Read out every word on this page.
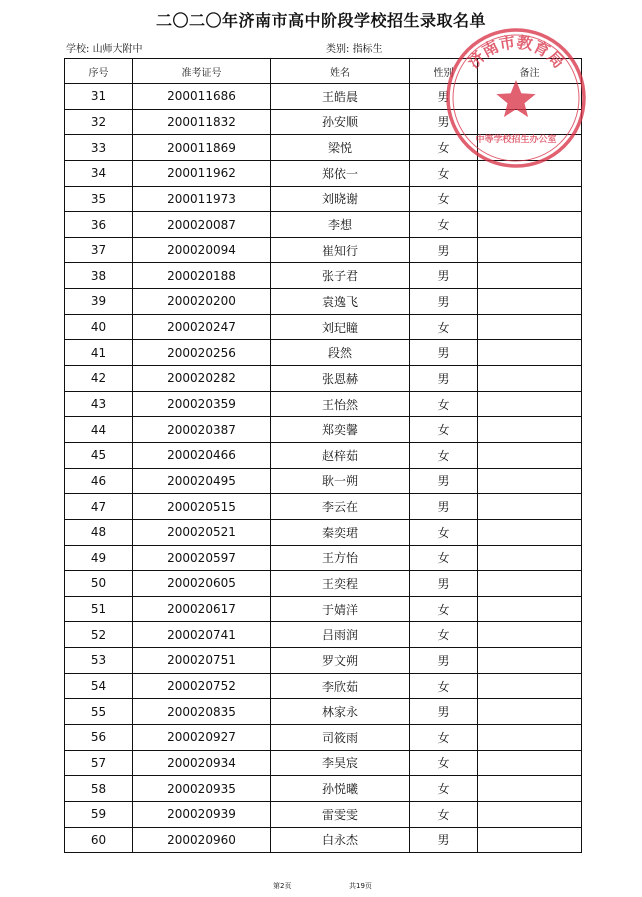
二〇二〇年济南市高中阶段学校招生录取名单
学校: 山师大附中	类别: 指标生
序号	准考证号	姓名	性别	备注
31	200011686	王皓晨	男	
32	200011832	孙安顺	男	
33	200011869	梁悦	女	
34	200011962	郑依一	女	
35	200011973	刘晓谢	女	
36	200020087	李想	女	
37	200020094	崔知行	男	
38	200020188	张子君	男	
39	200020200	袁逸飞	男	
40	200020247	刘玘瞳	女	
41	200020256	段然	男	
42	200020282	张恩赫	男	
43	200020359	王怡然	女	
44	200020387	郑奕馨	女	
45	200020466	赵梓茹	女	
46	200020495	耿一朔	男	
47	200020515	李云在	男	
48	200020521	秦奕珺	女	
49	200020597	王方怡	女	
50	200020605	王奕程	男	
51	200020617	于婧洋	女	
52	200020741	吕雨润	女	
53	200020751	罗文朔	男	
54	200020752	李欣茹	女	
55	200020835	林家永	男	
56	200020927	司筱雨	女	
57	200020934	李昊宸	女	
58	200020935	孙悦曦	女	
59	200020939	雷雯雯	女	
60	200020960	白永杰	男	
济南市教育局
中等学校招生办公室
第2页	共19页
